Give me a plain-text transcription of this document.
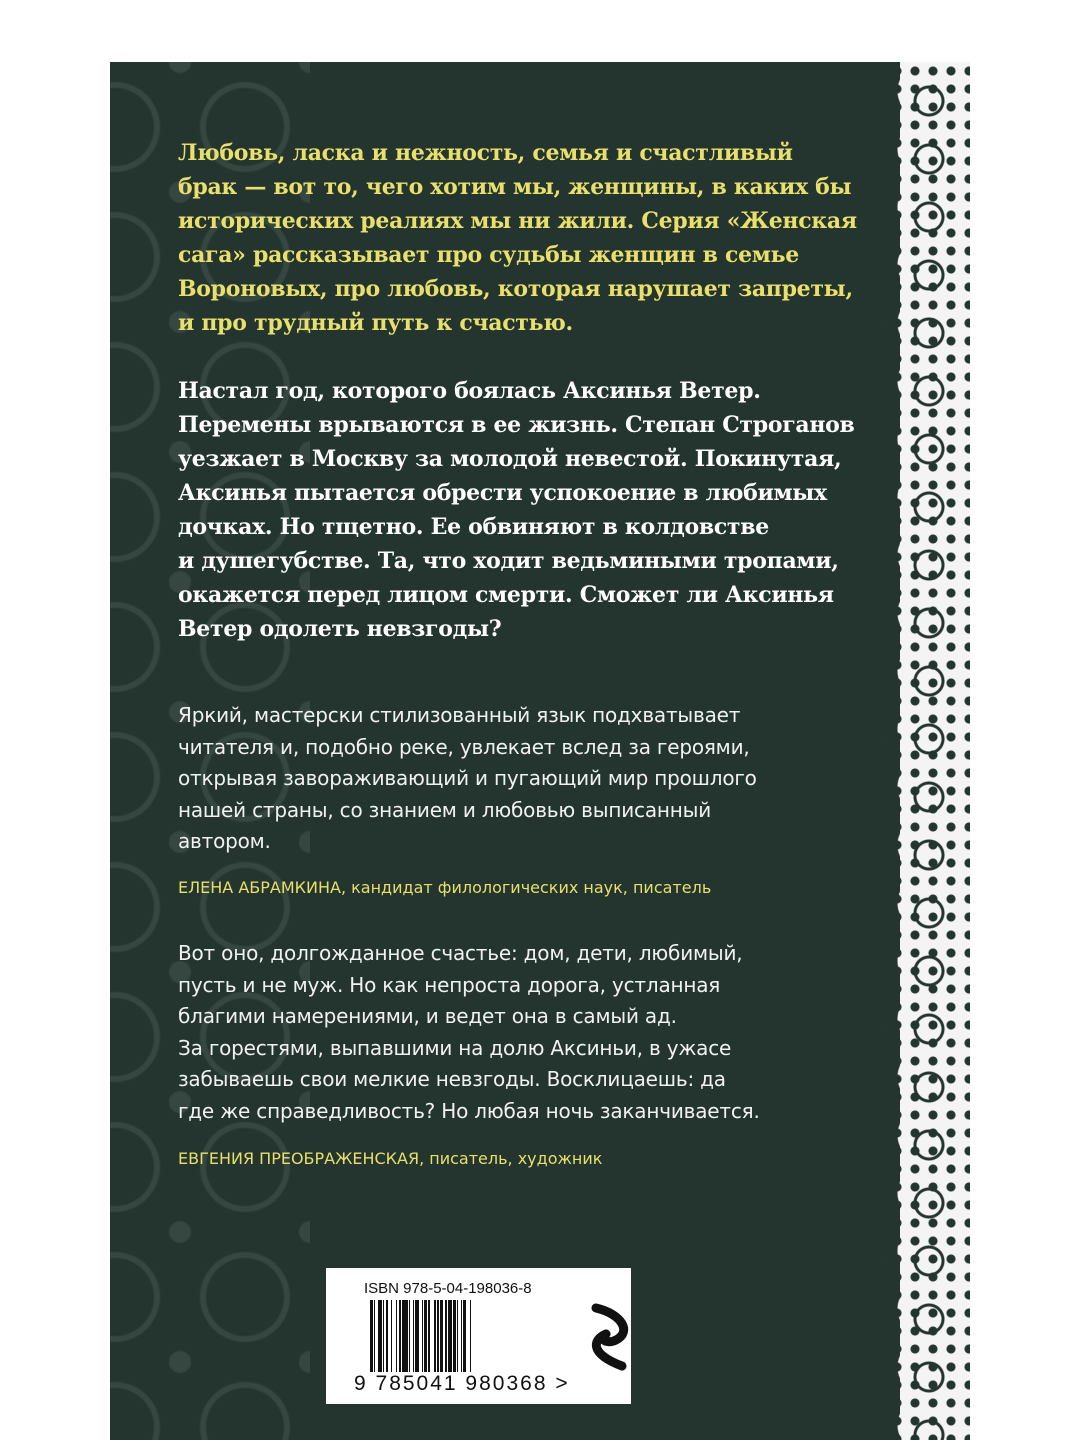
Любовь, ласка и нежность, семья и счастливый
брак — вот то, чего хотим мы, женщины, в каких бы
исторических реалиях мы ни жили. Серия «Женская
сага» рассказывает про судьбы женщин в семье
Вороновых, про любовь, которая нарушает запреты,
и про трудный путь к счастью.
Настал год, которого боялась Аксинья Ветер.
Перемены врываются в ее жизнь. Степан Строганов
уезжает в Москву за молодой невестой. Покинутая,
Аксинья пытается обрести успокоение в любимых
дочках. Но тщетно. Ее обвиняют в колдовстве
и душегубстве. Та, что ходит ведьмиными тропами,
окажется перед лицом смерти. Сможет ли Аксинья
Ветер одолеть невзгоды?
Яркий, мастерски стилизованный язык подхватывает
читателя и, подобно реке, увлекает вслед за героями,
открывая завораживающий и пугающий мир прошлого
нашей страны, со знанием и любовью выписанный
автором.
ЕЛЕНА АБРАМКИНА, кандидат филологических наук, писатель
Вот оно, долгожданное счастье: дом, дети, любимый,
пусть и не муж. Но как непроста дорога, устланная
благими намерениями, и ведет она в самый ад.
За горестями, выпавшими на долю Аксиньи, в ужасе
забываешь свои мелкие невзгоды. Восклицаешь: да
где же справедливость? Но любая ночь заканчивается.
ЕВГЕНИЯ ПРЕОБРАЖЕНСКАЯ, писатель, художник
ISBN 978-5-04-198036-8
9 785041 980368 >
